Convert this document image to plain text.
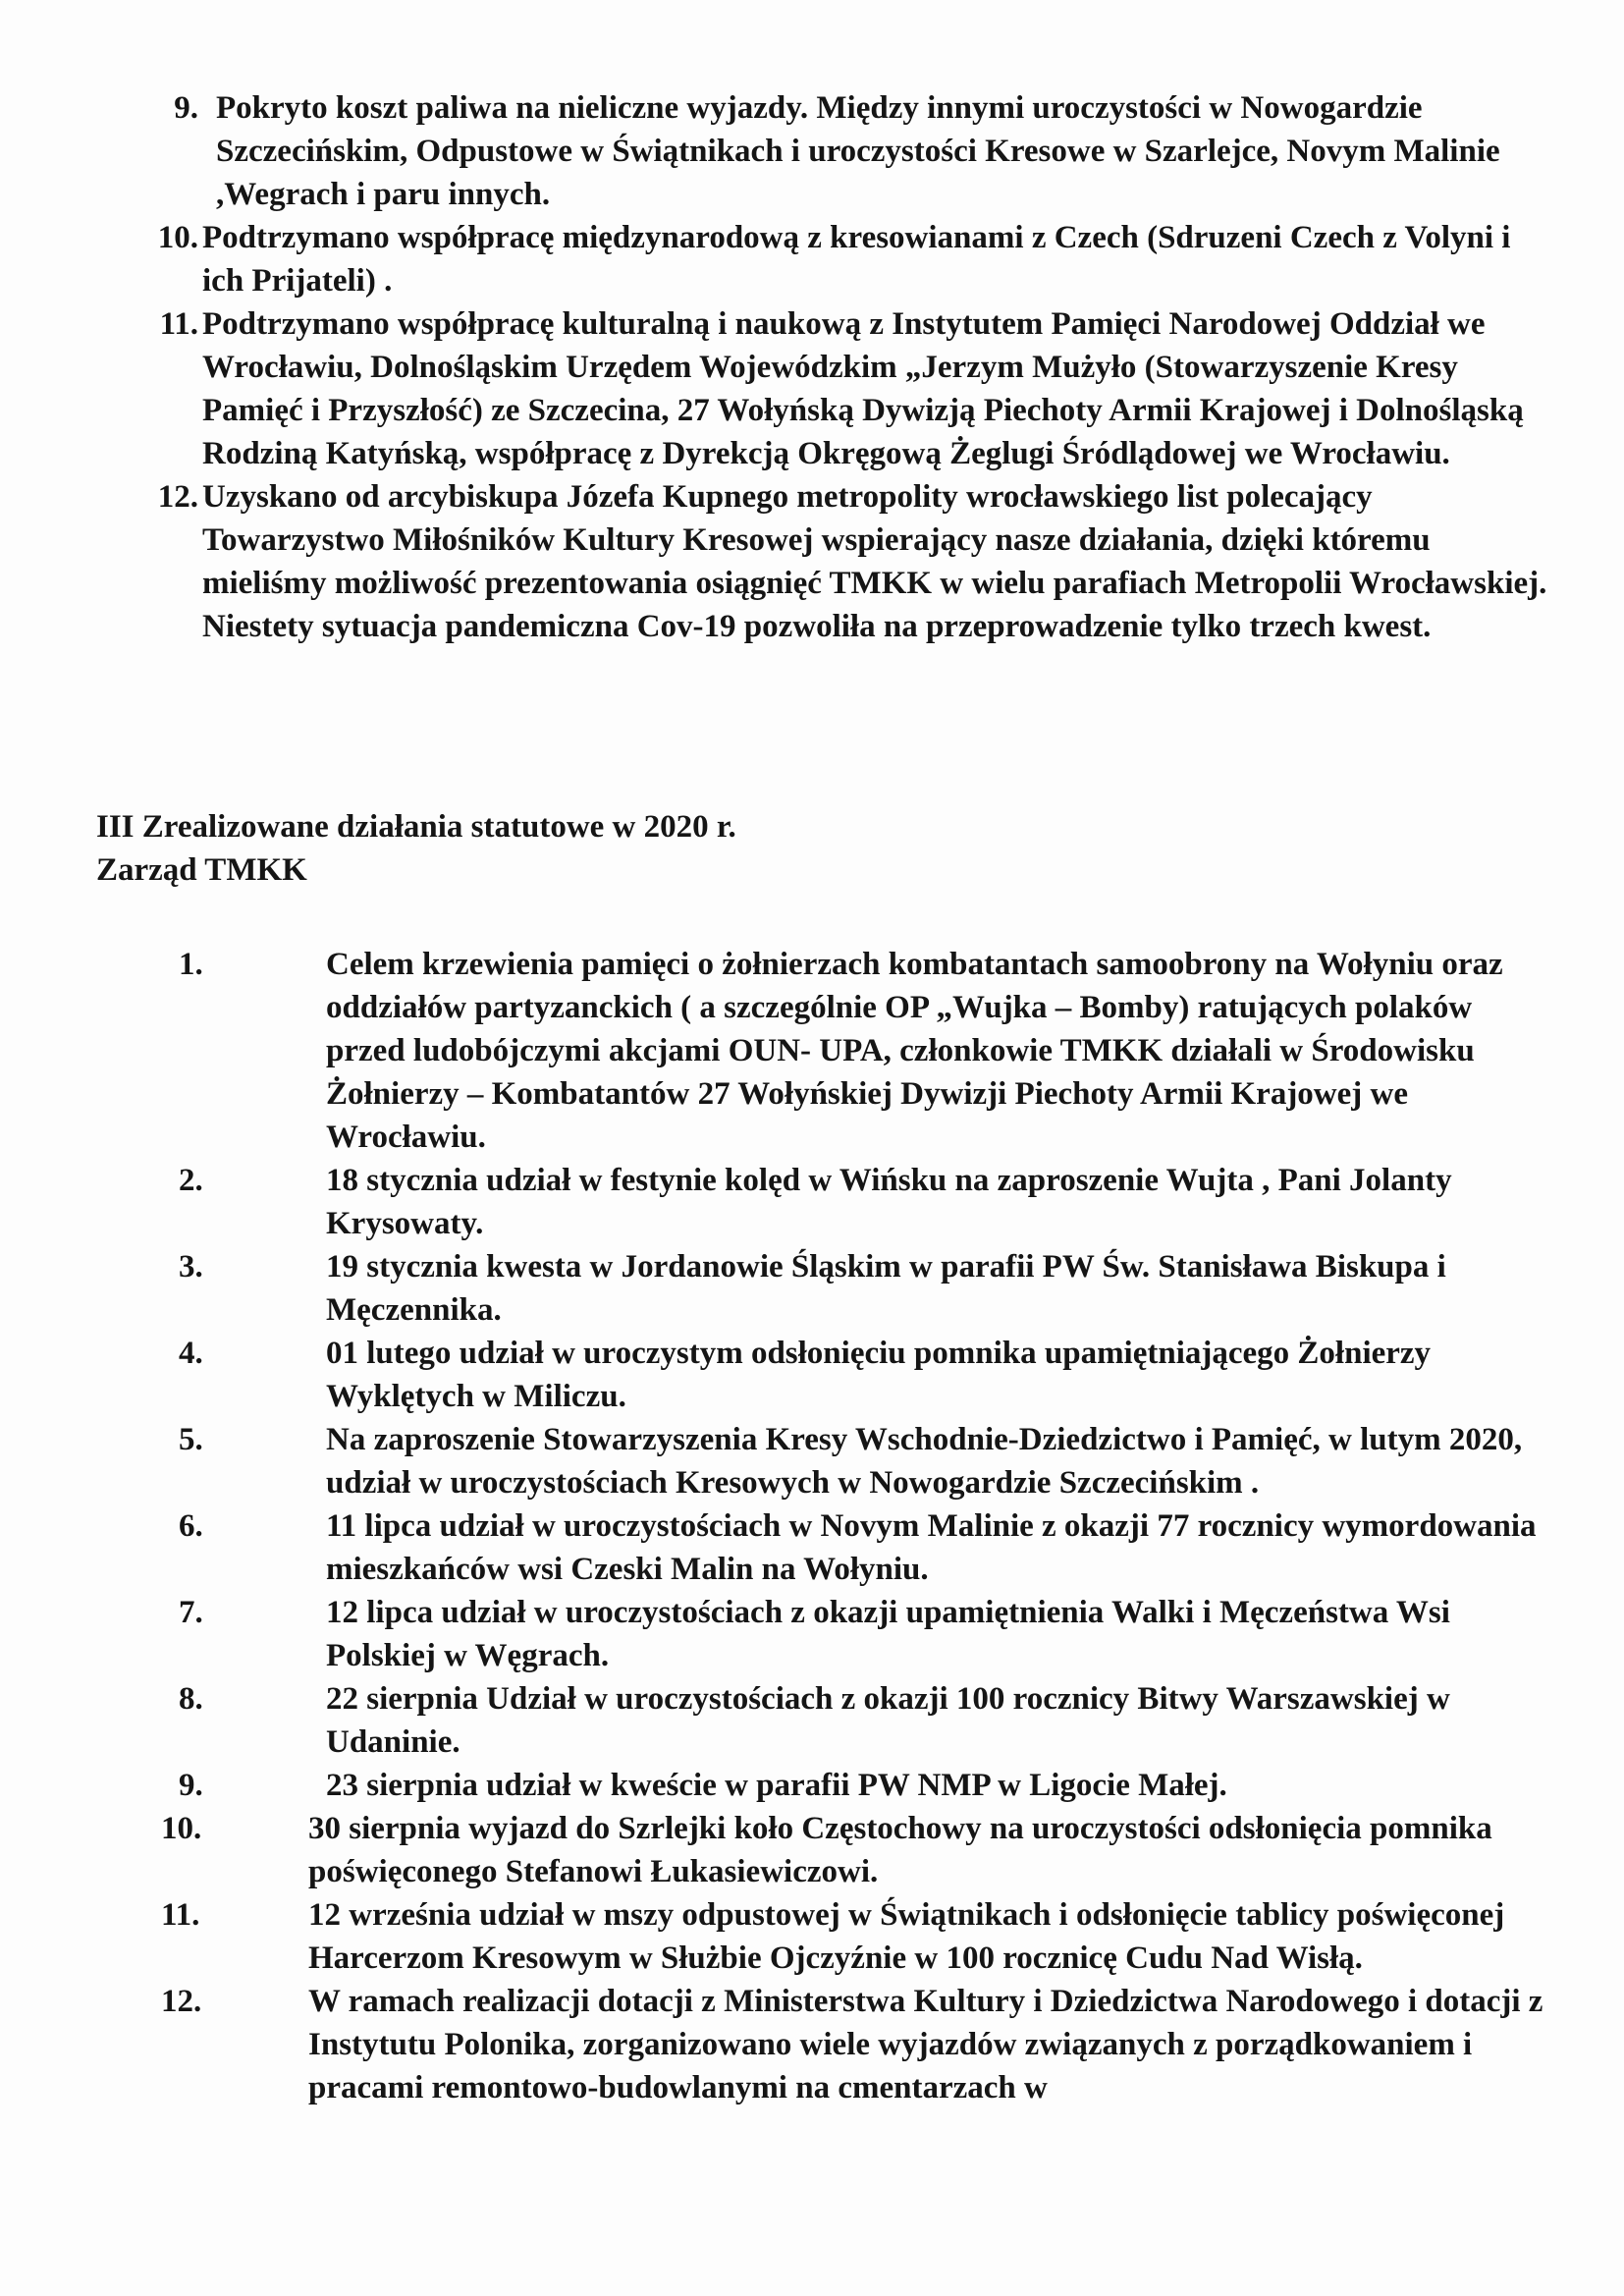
9. Pokryto koszt paliwa na nieliczne wyjazdy. Między innymi uroczystości w Nowogardzie Szczecińskim, Odpustowe w Świątnikach i uroczystości Kresowe w Szarlejce, Novym Malinie ,Wegrach i paru innych.
10. Podtrzymano współpracę międzynarodową z kresowianami z Czech (Sdruzeni Czech z Volyni i ich Prijateli) .
11. Podtrzymano współpracę kulturalną i naukową z Instytutem Pamięci Narodowej Oddział we Wrocławiu, Dolnośląskim Urzędem Wojewódzkim „Jerzym Mużyło (Stowarzyszenie Kresy Pamięć i Przyszłość) ze Szczecina, 27 Wołyńską Dywizją Piechoty Armii Krajowej i Dolnośląską Rodziną Katyńską, współpracę z Dyrekcją Okręgową Żeglugi Śródlądowej we Wrocławiu.
12. Uzyskano od arcybiskupa Józefa Kupnego metropolity wrocławskiego list polecający Towarzystwo Miłośników Kultury Kresowej wspierający nasze działania, dzięki któremu mieliśmy możliwość prezentowania osiągnięć TMKK w wielu parafiach Metropolii Wrocławskiej. Niestety sytuacja pandemiczna Cov-19 pozwoliła na przeprowadzenie tylko trzech kwest.
III Zrealizowane działania statutowe w 2020 r.
Zarząd TMKK
1.	Celem krzewienia pamięci o żołnierzach kombatantach samoobrony na Wołyniu oraz oddziałów partyzanckich ( a szczególnie OP „Wujka – Bomby) ratujących polaków przed ludobójczymi akcjami OUN- UPA, członkowie TMKK działali w Środowisku Żołnierzy – Kombatantów 27 Wołyńskiej Dywizji Piechoty Armii Krajowej we Wrocławiu.
2.	18 stycznia udział w festynie kolęd w Wińsku na zaproszenie Wujta , Pani Jolanty Krysowaty.
3.	19 stycznia kwesta w Jordanowie Śląskim w parafii PW Św. Stanisława Biskupa i Męczennika.
4.	01 lutego udział w uroczystym odsłonięciu pomnika upamiętniającego Żołnierzy Wyklętych w Miliczu.
5.	Na zaproszenie Stowarzyszenia Kresy Wschodnie-Dziedzictwo i Pamięć, w lutym 2020, udział w uroczystościach Kresowych w Nowogardzie Szczecińskim .
6.	11 lipca udział w uroczystościach w Novym Malinie z okazji 77 rocznicy wymordowania mieszkańców wsi Czeski Malin na Wołyniu.
7.	12 lipca udział w uroczystościach z okazji upamiętnienia Walki i Męczeństwa Wsi Polskiej w Węgrach.
8.	22 sierpnia Udział w uroczystościach z okazji 100 rocznicy Bitwy Warszawskiej w Udaninie.
9.	23 sierpnia udział w kweście w parafii PW NMP w Ligocie Małej.
10.	30 sierpnia wyjazd do Szrlejki koło Częstochowy na uroczystości odsłonięcia pomnika poświęconego Stefanowi Łukasiewiczowi.
11.	12 września udział w mszy odpustowej w Świątnikach i odsłonięcie tablicy poświęconej Harcerzom Kresowym w Służbie Ojczyźnie w 100 rocznicę Cudu Nad Wisłą.
12.	W ramach realizacji dotacji z Ministerstwa Kultury i Dziedzictwa Narodowego i dotacji z Instytutu Polonika, zorganizowano wiele wyjazdów związanych z porządkowaniem i pracami remontowo-budowlanymi na cmentarzach w
